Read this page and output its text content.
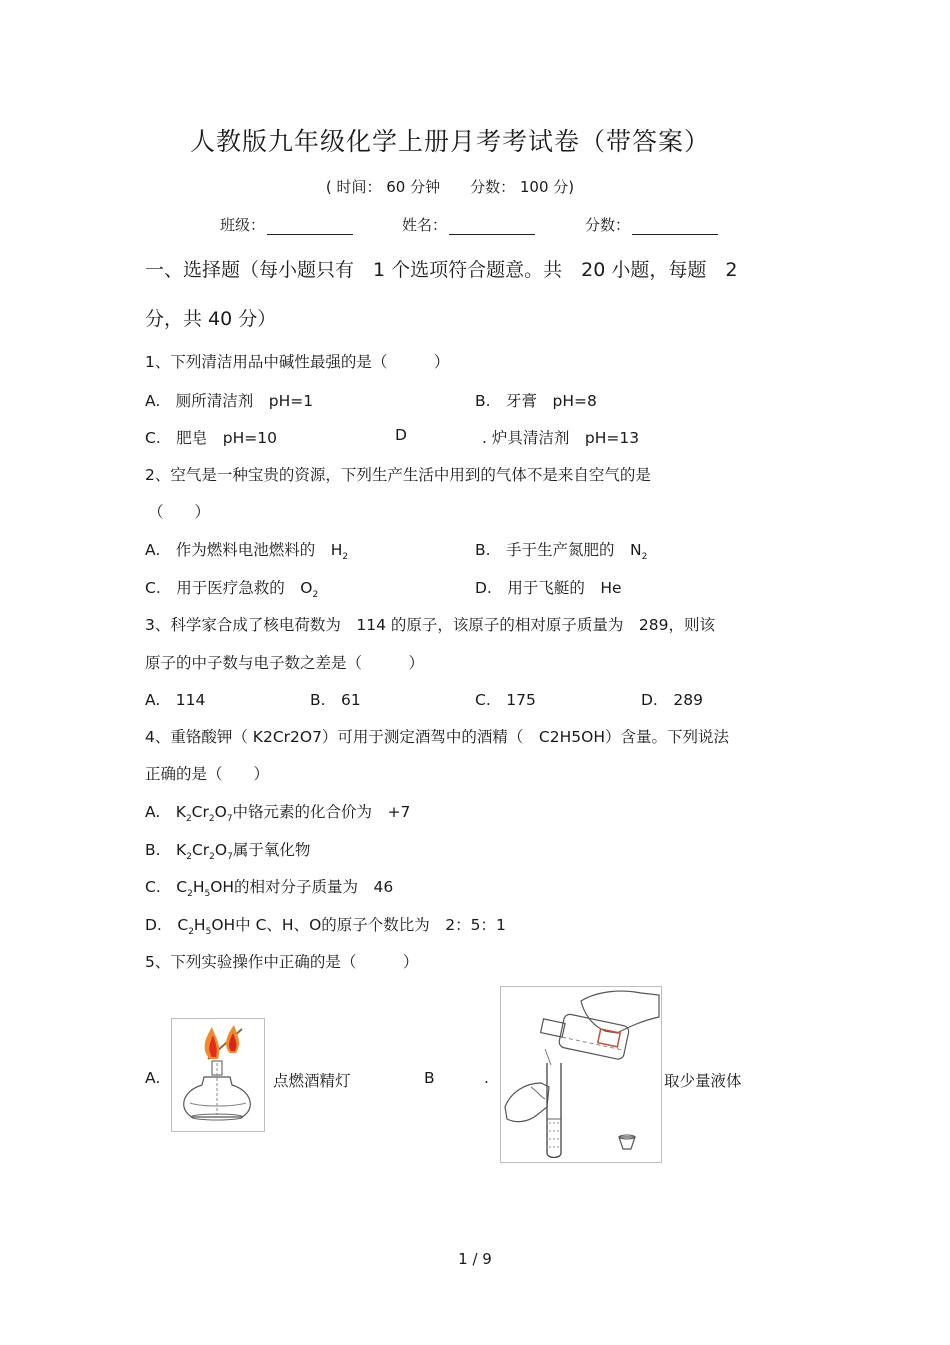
人教版九年级化学上册月考考试卷（带答案）
( 时间： 60 分钟　　分数： 100 分)
班级：	姓名：	分数：
一、选择题（每小题只有　1 个选项符合题意。共　20 小题，每题　2
分，共 40 分）
1、下列清洁用品中碱性最强的是（　　　）
A.　厕所清洁剂　pH=1	B.　牙膏　pH=8
C.　肥皂　pH=10	D	. 炉具清洁剂　pH=13
2、空气是一种宝贵的资源，下列生产生活中用到的气体不是来自空气的是
（　　）
A.　作为燃料电池燃料的　$H_2$	B.　手于生产氮肥的　$N_2$
C.　用于医疗急救的　$O_2$	D.　用于飞艇的　He
3、科学家合成了核电荷数为　114 的原子，该原子的相对原子质量为　289，则该
原子的中子数与电子数之差是（　　　）
A.　114	B.　61	C.　175	D.　289
4、重铬酸钾（ K2Cr2O7）可用于测定酒驾中的酒精（　C2H5OH）含量。下列说法
正确的是（　　）
A.　$K_2Cr_2O_7$中铬元素的化合价为　+7
B.　$K_2Cr_2O_7$属于氧化物
C.　$C_2H_5OH$的相对分子质量为　46
D.　$C_2H_5OH$中 C、H、O的原子个数比为　2：5：1
5、下列实验操作中正确的是（　　　）
A.	点燃酒精灯	B	.	取少量液体
1 / 9
